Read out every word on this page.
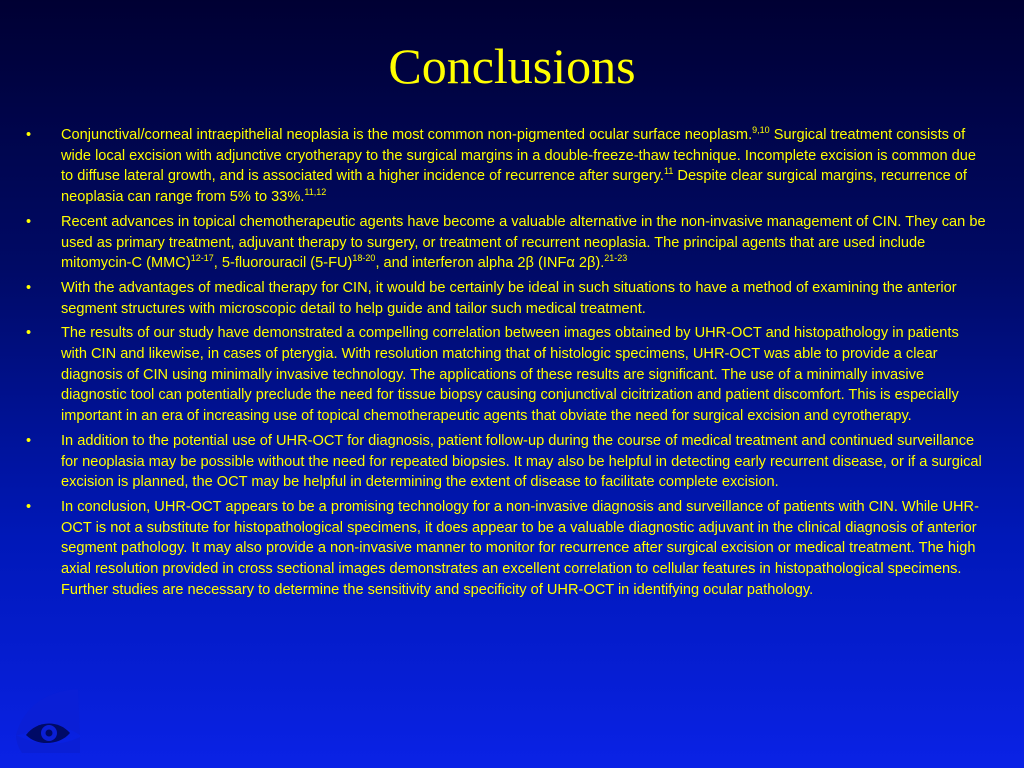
Conclusions
• Conjunctival/corneal intraepithelial neoplasia is the most common non-pigmented ocular surface neoplasm.$^{9,10}$ Surgical treatment consists of wide local excision with adjunctive cryotherapy to the surgical margins in a double-freeze-thaw technique. Incomplete excision is common due to diffuse lateral growth, and is associated with a higher incidence of recurrence after surgery.$^{11}$ Despite clear surgical margins, recurrence of neoplasia can range from 5% to 33%.$^{11,12}$
• Recent advances in topical chemotherapeutic agents have become a valuable alternative in the non-invasive management of CIN. They can be used as primary treatment, adjuvant therapy to surgery, or treatment of recurrent neoplasia. The principal agents that are used include mitomycin-C (MMC)$^{12-17}$, 5-fluorouracil $(5-FU)^{18-20}$, and interferon alpha 2β (INFα 2β).$^{21-23}$
• With the advantages of medical therapy for CIN, it would be certainly be ideal in such situations to have a method of examining the anterior segment structures with microscopic detail to help guide and tailor such medical treatment.
• The results of our study have demonstrated a compelling correlation between images obtained by UHR-OCT and histopathology in patients with CIN and likewise, in cases of pterygia. With resolution matching that of histologic specimens, UHR-OCT was able to provide a clear diagnosis of CIN using minimally invasive technology. The applications of these results are significant. The use of a minimally invasive diagnostic tool can potentially preclude the need for tissue biopsy causing conjunctival cicitrization and patient discomfort. This is especially important in an era of increasing use of topical chemotherapeutic agents that obviate the need for surgical excision and cyrotherapy.
• In addition to the potential use of UHR-OCT for diagnosis, patient follow-up during the course of medical treatment and continued surveillance for neoplasia may be possible without the need for repeated biopsies. It may also be helpful in detecting early recurrent disease, or if a surgical excision is planned, the OCT may be helpful in determining the extent of disease to facilitate complete excision.
• In conclusion, UHR-OCT appears to be a promising technology for a non-invasive diagnosis and surveillance of patients with CIN. While UHR-OCT is not a substitute for histopathological specimens, it does appear to be a valuable diagnostic adjuvant in the clinical diagnosis of anterior segment pathology. It may also provide a non-invasive manner to monitor for recurrence after surgical excision or medical treatment. The high axial resolution provided in cross sectional images demonstrates an excellent correlation to cellular features in histopathological specimens. Further studies are necessary to determine the sensitivity and specificity of UHR-OCT in identifying ocular pathology.
